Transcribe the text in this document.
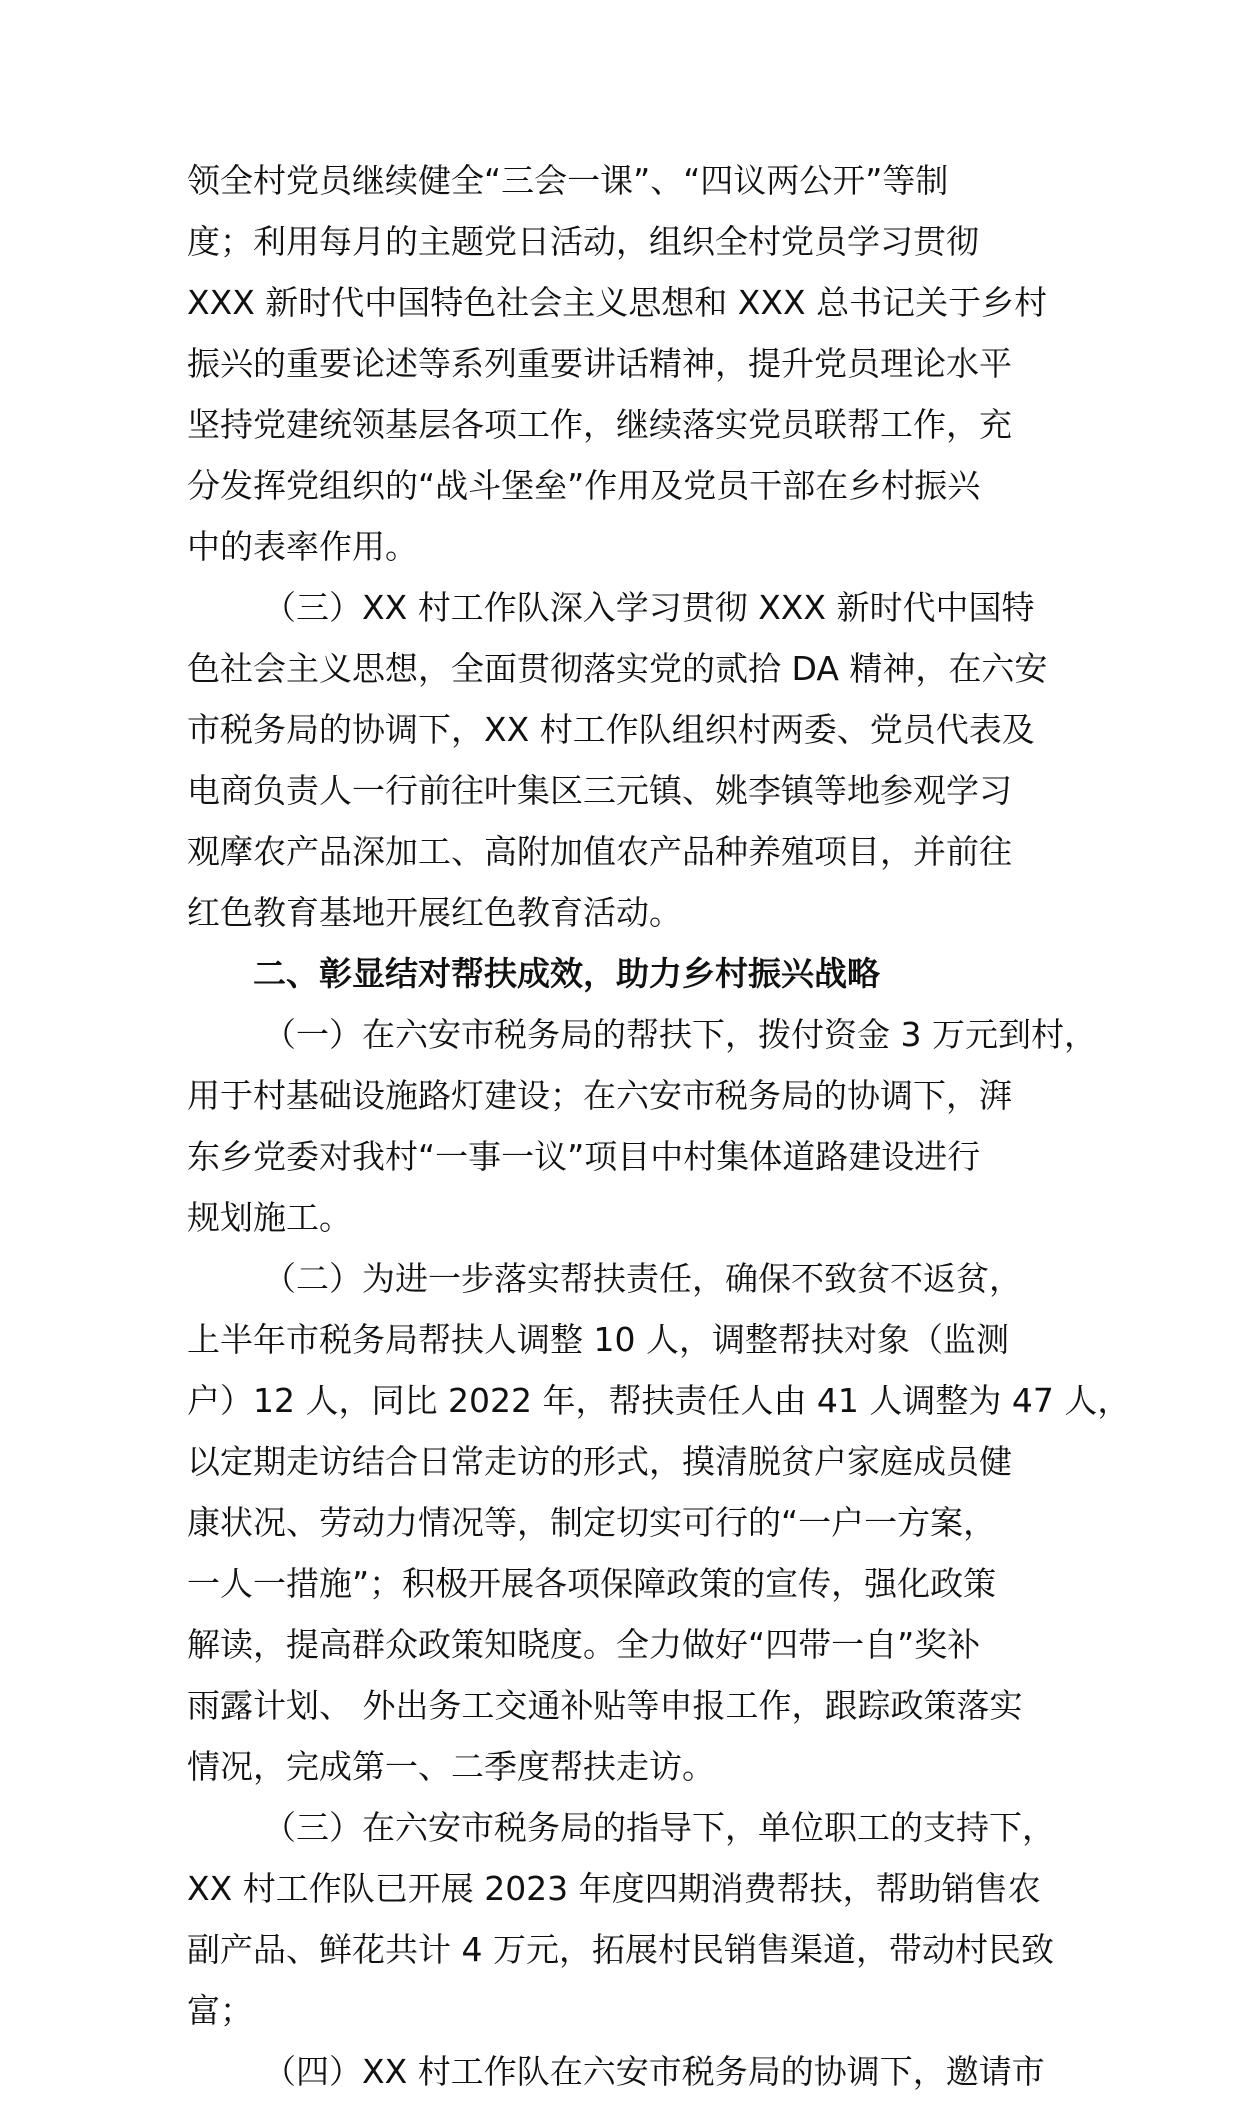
领全村党员继续健全“三会一课”、“四议两公开”等制
度；利用每月的主题党日活动，组织全村党员学习贯彻
XXX 新时代中国特色社会主义思想和 XXX 总书记关于乡村
振兴的重要论述等系列重要讲话精神，提升党员理论水平
坚持党建统领基层各项工作，继续落实党员联帮工作，充
分发挥党组织的“战斗堡垒”作用及党员干部在乡村振兴
中的表率作用。
（三）XX 村工作队深入学习贯彻 XXX 新时代中国特
色社会主义思想，全面贯彻落实党的贰拾 DA 精神，在六安
市税务局的协调下，XX 村工作队组织村两委、党员代表及
电商负责人一行前往叶集区三元镇、姚李镇等地参观学习
观摩农产品深加工、高附加值农产品种养殖项目，并前往
红色教育基地开展红色教育活动。
二、彰显结对帮扶成效，助力乡村振兴战略
（一）在六安市税务局的帮扶下，拨付资金 3 万元到村，
用于村基础设施路灯建设；在六安市税务局的协调下，湃
东乡党委对我村“一事一议”项目中村集体道路建设进行
规划施工。
（二）为进一步落实帮扶责任，确保不致贫不返贫，
上半年市税务局帮扶人调整 10 人，调整帮扶对象（监测
户）12 人，同比 2022 年，帮扶责任人由 41 人调整为 47 人，
以定期走访结合日常走访的形式，摸清脱贫户家庭成员健
康状况、劳动力情况等，制定切实可行的“一户一方案，
一人一措施”；积极开展各项保障政策的宣传，强化政策
解读，提高群众政策知晓度。全力做好“四带一自”奖补
雨露计划、 外出务工交通补贴等申报工作，跟踪政策落实
情况，完成第一、二季度帮扶走访。
（三）在六安市税务局的指导下，单位职工的支持下，
XX 村工作队已开展 2023 年度四期消费帮扶，帮助销售农
副产品、鲜花共计 4 万元，拓展村民销售渠道，带动村民致
富；
（四）XX 村工作队在六安市税务局的协调下，邀请市
